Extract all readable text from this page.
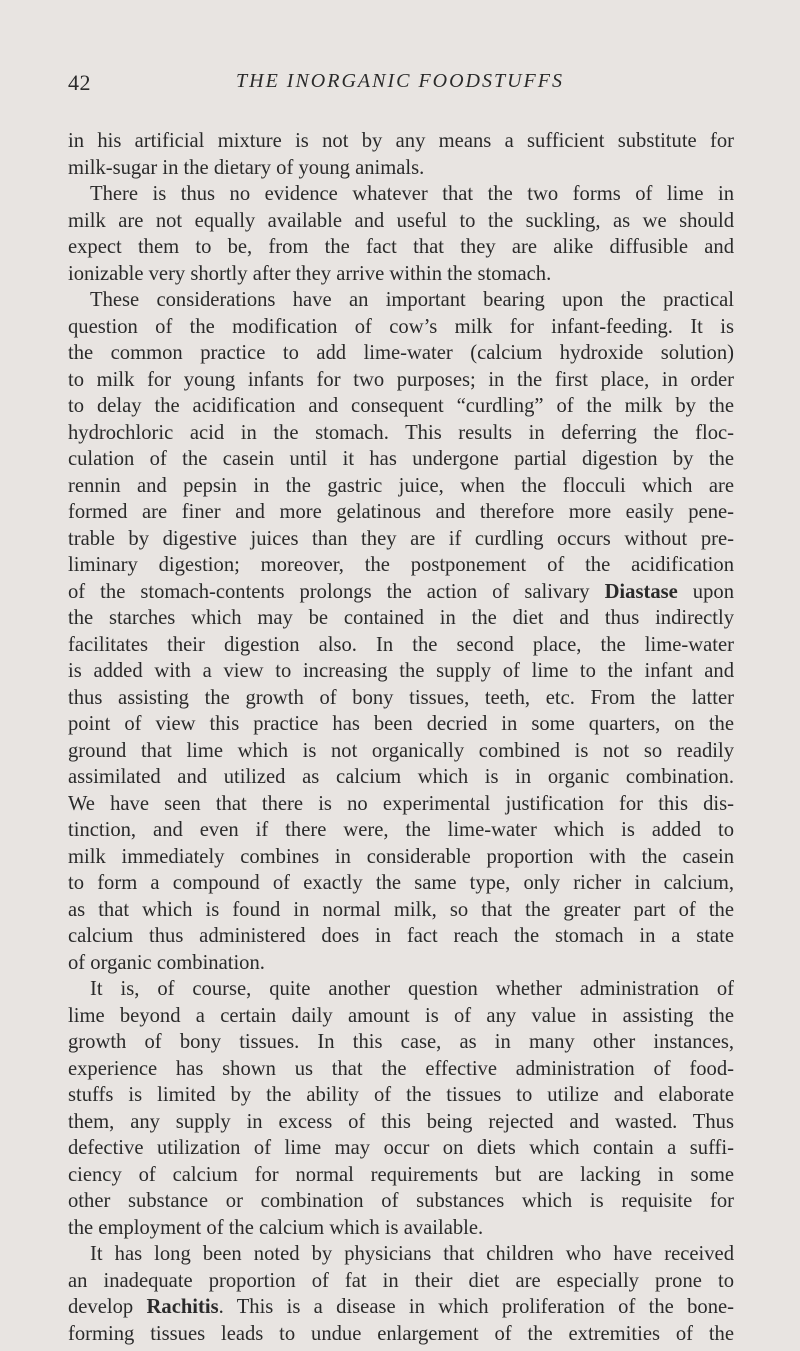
42	THE INORGANIC FOODSTUFFS
in his artificial mixture is not by any means a sufficient substitute for
milk-sugar in the dietary of young animals.
There is thus no evidence whatever that the two forms of lime in
milk are not equally available and useful to the suckling, as we should
expect them to be, from the fact that they are alike diffusible and
ionizable very shortly after they arrive within the stomach.
These considerations have an important bearing upon the practical
question of the modification of cow’s milk for infant-feeding. It is
the common practice to add lime-water (calcium hydroxide solution)
to milk for young infants for two purposes; in the first place, in order
to delay the acidification and consequent “curdling” of the milk by the
hydrochloric acid in the stomach. This results in deferring the floc-
culation of the casein until it has undergone partial digestion by the
rennin and pepsin in the gastric juice, when the flocculi which are
formed are finer and more gelatinous and therefore more easily pene-
trable by digestive juices than they are if curdling occurs without pre-
liminary digestion; moreover, the postponement of the acidification
of the stomach-contents prolongs the action of salivary Diastase upon
the starches which may be contained in the diet and thus indirectly
facilitates their digestion also. In the second place, the lime-water
is added with a view to increasing the supply of lime to the infant and
thus assisting the growth of bony tissues, teeth, etc. From the latter
point of view this practice has been decried in some quarters, on the
ground that lime which is not organically combined is not so readily
assimilated and utilized as calcium which is in organic combination.
We have seen that there is no experimental justification for this dis-
tinction, and even if there were, the lime-water which is added to
milk immediately combines in considerable proportion with the casein
to form a compound of exactly the same type, only richer in calcium,
as that which is found in normal milk, so that the greater part of the
calcium thus administered does in fact reach the stomach in a state
of organic combination.
It is, of course, quite another question whether administration of
lime beyond a certain daily amount is of any value in assisting the
growth of bony tissues. In this case, as in many other instances,
experience has shown us that the effective administration of food-
stuffs is limited by the ability of the tissues to utilize and elaborate
them, any supply in excess of this being rejected and wasted. Thus
defective utilization of lime may occur on diets which contain a suffi-
ciency of calcium for normal requirements but are lacking in some
other substance or combination of substances which is requisite for
the employment of the calcium which is available.
It has long been noted by physicians that children who have received
an inadequate proportion of fat in their diet are especially prone to
develop Rachitis. This is a disease in which proliferation of the bone-
forming tissues leads to undue enlargement of the extremities of the
